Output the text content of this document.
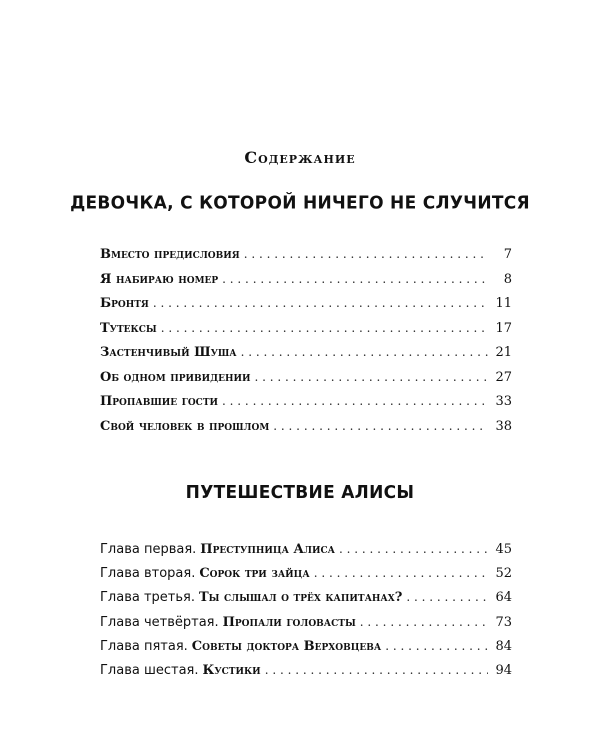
Содержание
ДЕВОЧКА, С КОТОРОЙ НИЧЕГО НЕ СЛУЧИТСЯ
Вместо предисловия . . .	7
Я набираю номер . . .	8
Бронтя . . .	11
Тутексы . . .	17
Застенчивый Шуша . . .	21
Об одном привидении . . .	27
Пропавшие гости . . .	33
Свой человек в прошлом . . .	38
ПУТЕШЕСТВИЕ АЛИСЫ
Глава первая. Преступница Алиса . . .	45
Глава вторая. Сорок три зайца . . .	52
Глава третья. Ты слышал о трёх капитанах? . . .	64
Глава четвёртая. Пропали головасты . . .	73
Глава пятая. Советы доктора Верховцева . . .	84
Глава шестая. Кустики . . .	94
